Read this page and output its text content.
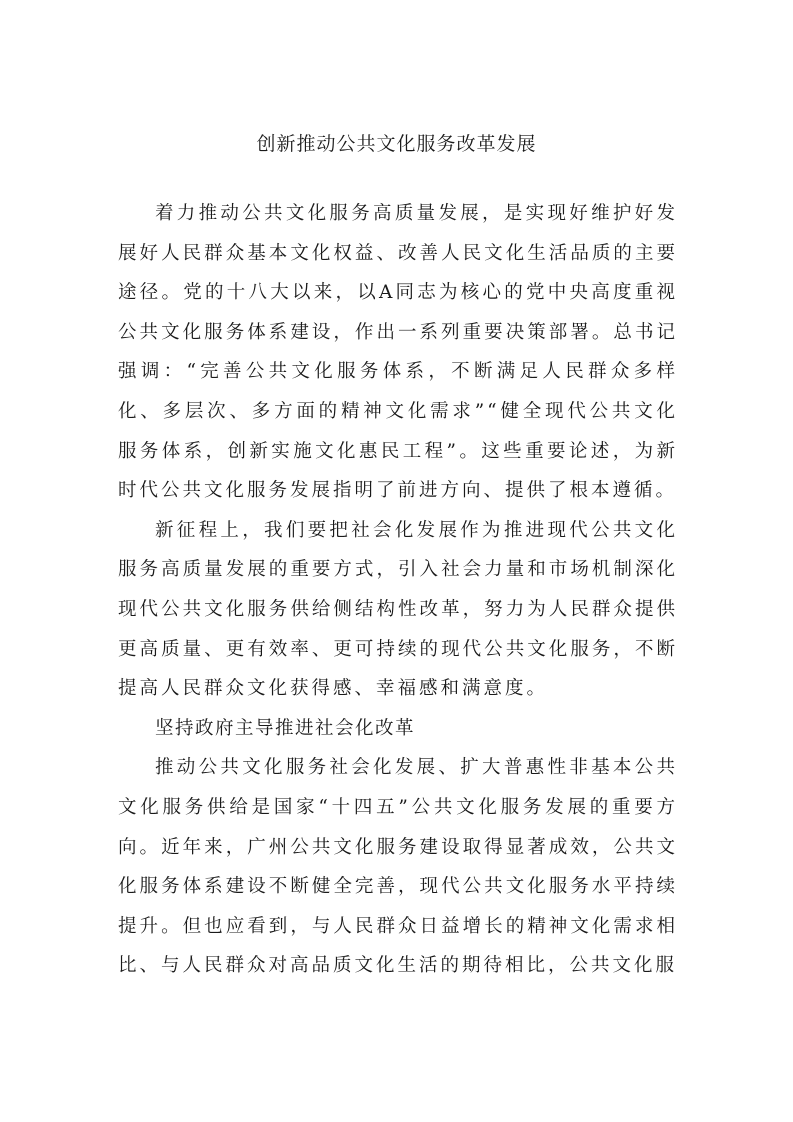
创新推动公共文化服务改革发展

着力推动公共文化服务高质量发展，是实现好维护好发展好人民群众基本文化权益、改善人民文化生活品质的主要途径。党的十八大以来，以A同志为核心的党中央高度重视公共文化服务体系建设，作出一系列重要决策部署。总书记强调：“完善公共文化服务体系，不断满足人民群众多样化、多层次、多方面的精神文化需求”“健全现代公共文化服务体系，创新实施文化惠民工程”。这些重要论述，为新时代公共文化服务发展指明了前进方向、提供了根本遵循。

新征程上，我们要把社会化发展作为推进现代公共文化服务高质量发展的重要方式，引入社会力量和市场机制深化现代公共文化服务供给侧结构性改革，努力为人民群众提供更高质量、更有效率、更可持续的现代公共文化服务，不断提高人民群众文化获得感、幸福感和满意度。

坚持政府主导推进社会化改革

推动公共文化服务社会化发展、扩大普惠性非基本公共文化服务供给是国家“十四五”公共文化服务发展的重要方向。近年来，广州公共文化服务建设取得显著成效，公共文化服务体系建设不断健全完善，现代公共文化服务水平持续提升。但也应看到，与人民群众日益增长的精神文化需求相比、与人民群众对高品质文化生活的期待相比，公共文化服
